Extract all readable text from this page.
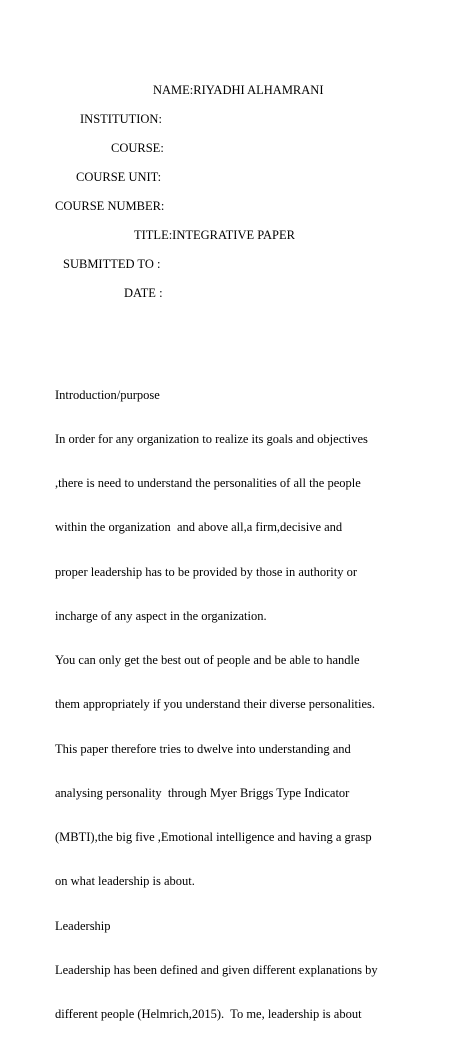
NAME:RIYADHI ALHAMRANI

INSTITUTION:

COURSE:

COURSE UNIT:

COURSE NUMBER:

TITLE:INTEGRATIVE PAPER

SUBMITTED TO :

DATE :

Introduction/purpose

In order for any organization to realize its goals and objectives

,there is need to understand the personalities of all the people

within the organization  and above all,a firm,decisive and

proper leadership has to be provided by those in authority or

incharge of any aspect in the organization.

You can only get the best out of people and be able to handle

them appropriately if you understand their diverse personalities.

This paper therefore tries to dwelve into understanding and

analysing personality  through Myer Briggs Type Indicator

(MBTI),the big five ,Emotional intelligence and having a grasp

on what leadership is about.

Leadership

Leadership has been defined and given different explanations by

different people (Helmrich,2015).  To me, leadership is about
